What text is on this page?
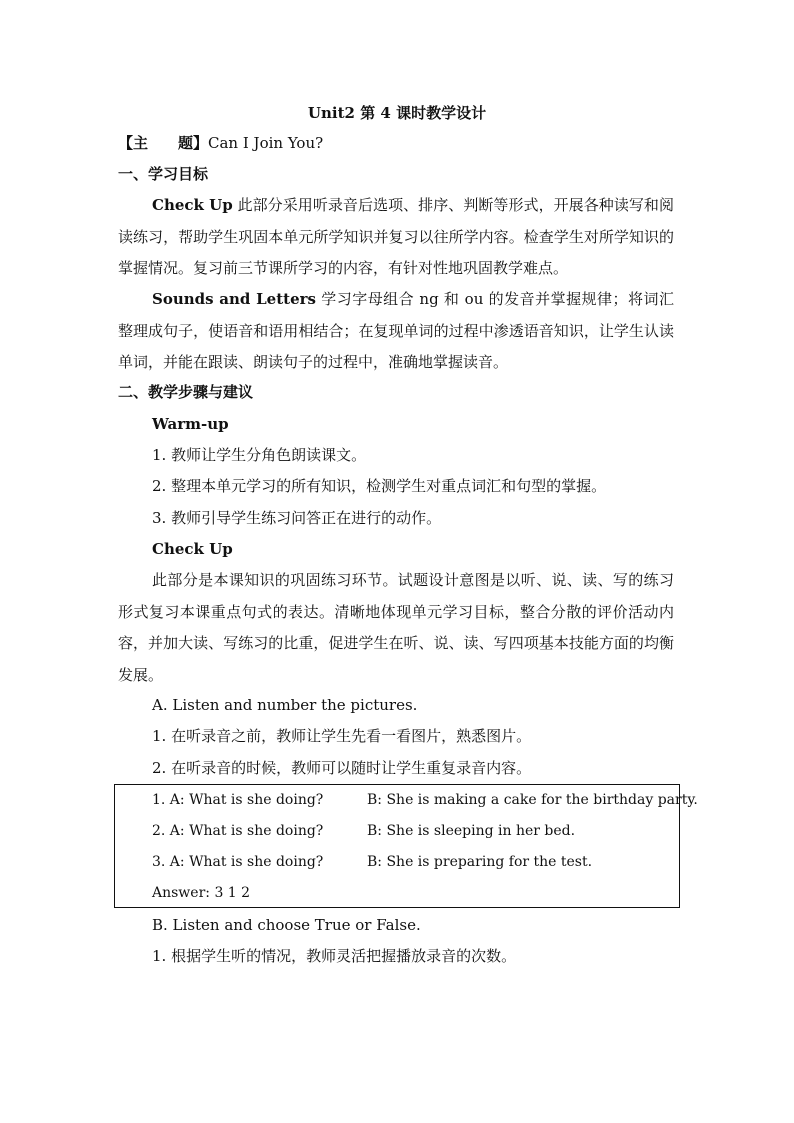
Unit2 第 4 课时教学设计
【主　　题】Can I Join You?
一、学习目标
Check Up 此部分采用听录音后选项、排序、判断等形式，开展各种读写和阅读练习，帮助学生巩固本单元所学知识并复习以往所学内容。检查学生对所学知识的掌握情况。复习前三节课所学习的内容，有针对性地巩固教学难点。
Sounds and Letters 学习字母组合 ng 和 ou 的发音并掌握规律；将词汇整理成句子，使语音和语用相结合；在复现单词的过程中渗透语音知识，让学生认读单词，并能在跟读、朗读句子的过程中，准确地掌握读音。
二、教学步骤与建议
Warm-up
1. 教师让学生分角色朗读课文。
2. 整理本单元学习的所有知识，检测学生对重点词汇和句型的掌握。
3. 教师引导学生练习问答正在进行的动作。
Check Up
此部分是本课知识的巩固练习环节。试题设计意图是以听、说、读、写的练习形式复习本课重点句式的表达。清晰地体现单元学习目标，整合分散的评价活动内容，并加大读、写练习的比重，促进学生在听、说、读、写四项基本技能方面的均衡发展。
A. Listen and number the pictures.
1. 在听录音之前，教师让学生先看一看图片，熟悉图片。
2. 在听录音的时候，教师可以随时让学生重复录音内容。
1. A: What is she doing?	B: She is making a cake for the birthday party.
2. A: What is she doing?	B: She is sleeping in her bed.
3. A: What is she doing?	B: She is preparing for the test.
Answer: 3 1 2
B. Listen and choose True or False.
1. 根据学生听的情况，教师灵活把握播放录音的次数。
